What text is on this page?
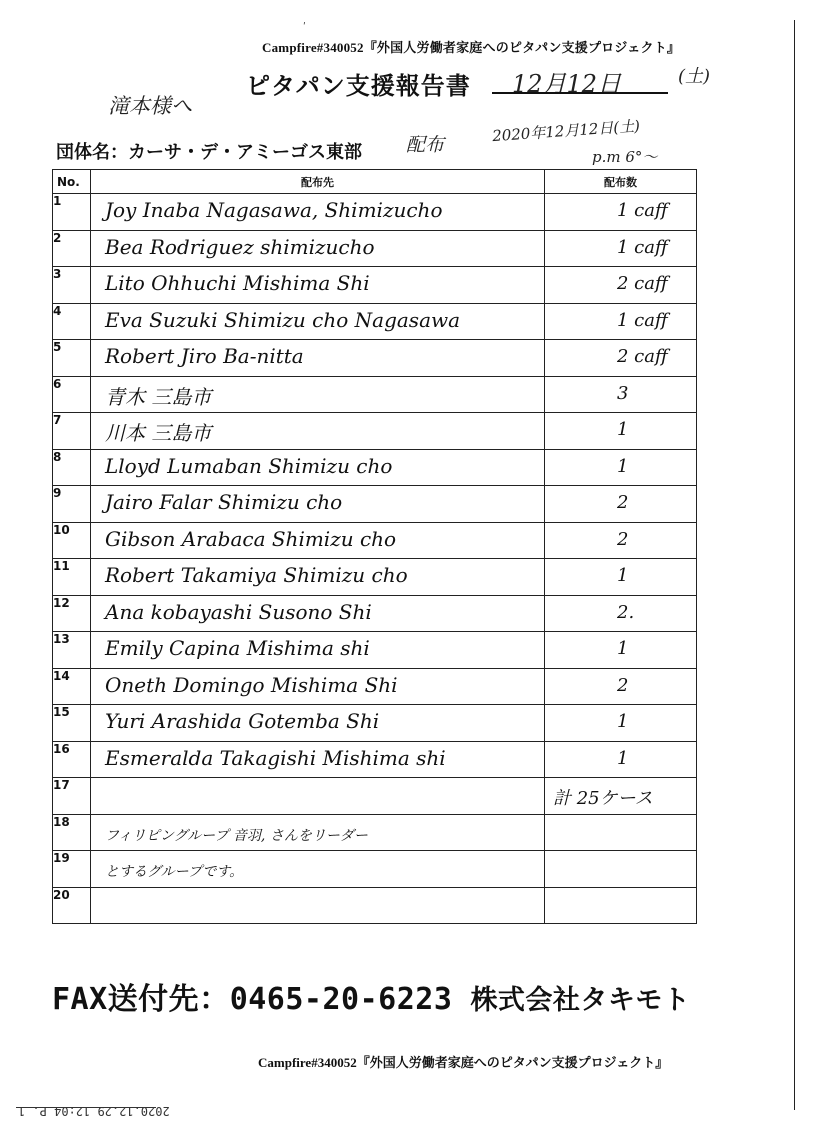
ʹ
Campfire#340052『外国人労働者家庭へのピタパン支援プロジェクト』
ピタパン支援報告書 12月12日	(土)
滝本様へ
団体名：カーサ・デ・アミーゴス東部 配布	2020年12月12日(土)
p.m 6°〜
No.	配布先	配布数
1	Joy Inaba Nagasawa, Shimizucho	1 caff

2	Bea Rodriguez shimizucho	1 caff

3	Lito Ohhuchi Mishima Shi	2 caff

4	Eva Suzuki Shimizu cho Nagasawa	1 caff

5	Robert Jiro Ba-nitta	2 caff

6	青木 三島市	3

7	川本 三島市	1

8	Lloyd Lumaban Shimizu cho	1

9	Jairo Falar Shimizu cho	2

10	Gibson Arabaca Shimizu cho	2

11	Robert Takamiya Shimizu cho	1

12	Ana kobayashi Susono Shi	2.

13	Emily Capina Mishima shi	1

14	Oneth Domingo Mishima Shi	2

15	Yuri Arashida Gotemba Shi	1

16	Esmeralda Takagishi Mishima shi	1

17		計 25ケース

18	フィリピングループ 音羽, さんをリーダー	

19	とするグループです。	

20	

FAX送付先：0465-20-6223 株式会社タキモト
Campfire#340052『外国人労働者家庭へのピタパン支援プロジェクト』
2020.12.29 12:04 P. 1
